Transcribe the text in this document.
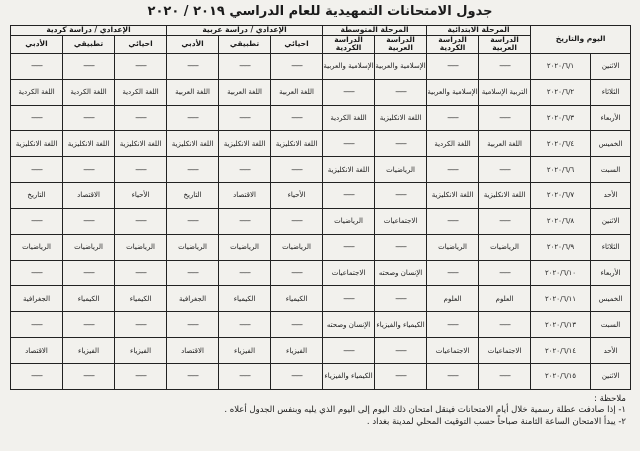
جدول الامتحانات التمهيدية للعام الدراسي ٢٠١٩ / ٢٠٢٠
اليوم والتاريخ		المرحلة الابتدائية		المرحلة المتوسطة		الإعدادي / دراسة عربية			الإعدادي / دراسة كردية		
		الدراسة العربية	الدراسة الكردية	الدراسة العربية	الدراسة الكردية	احيائي	تطبيقي	الأدبي	احيائي	تطبيقي	الأدبي
الاثنين	٢٠٢٠/٦/١	-------	-------	الإسلامية والعربية	الإسلامية والعربية	-------	-------	-------	-------	-------	-------
الثلاثاء	٢٠٢٠/٦/٢	التربية الإسلامية	الإسلامية والعربية	-------	-------	اللغة العربية	اللغة العربية	اللغة العربية	اللغة الكردية	اللغة الكردية	اللغة الكردية
الأربعاء	٢٠٢٠/٦/٣	-------	-------	اللغة الانكليزية	اللغة الكردية	-------	-------	-------	-------	-------	-------
الخميس	٢٠٢٠/٦/٤	اللغة العربية	اللغة الكردية	-------	-------	اللغة الانكليزية	اللغة الانكليزية	اللغة الانكليزية	اللغة الانكليزية	اللغة الانكليزية	اللغة الانكليزية
السبت	٢٠٢٠/٦/٦	-------	-------	الرياضيات	اللغة الانكليزية	-------	-------	-------	-------	-------	-------
الأحد	٢٠٢٠/٦/٧	اللغة الانكليزية	اللغة الانكليزية	-------	-------	الأحياء	الاقتصاد	التاريخ	الأحياء	الاقتصاد	التاريخ
الاثنين	٢٠٢٠/٦/٨	-------	-------	الاجتماعيات	الرياضيات	-------	-------	-------	-------	-------	-------
الثلاثاء	٢٠٢٠/٦/٩	الرياضيات	الرياضيات	-------	-------	الرياضيات	الرياضيات	الرياضيات	الرياضيات	الرياضيات	الرياضيات
الأربعاء	٢٠٢٠/٦/١٠	-------	-------	الإنسان وصحته	الاجتماعيات	-------	-------	-------	-------	-------	-------
الخميس	٢٠٢٠/٦/١١	العلوم	العلوم	-------	-------	الكيمياء	الكيمياء	الجغرافية	الكيمياء	الكيمياء	الجغرافية
السبت	٢٠٢٠/٦/١٣	-------	-------	الكيمياء والفيزياء	الإنسان وصحته	-------	-------	-------	-------	-------	-------
الأحد	٢٠٢٠/٦/١٤	الاجتماعيات	الاجتماعيات	-------	-------	الفيزياء	الفيزياء	الاقتصاد	الفيزياء	الفيزياء	الاقتصاد
الاثنين	٢٠٢٠/٦/١٥	-------	-------	-------	الكيمياء والفيزياء	-------	-------	-------	-------	-------	-------
ملاحظة :
١- إذا صادفت عطلة رسمية خلال أيام الامتحانات فينقل امتحان ذلك اليوم إلى اليوم الذي يليه وبنفس الجدول أعلاه .
٢- يبدأ الامتحان الساعة الثامنة صباحاً حسب التوقيت المحلي لمدينة بغداد .
